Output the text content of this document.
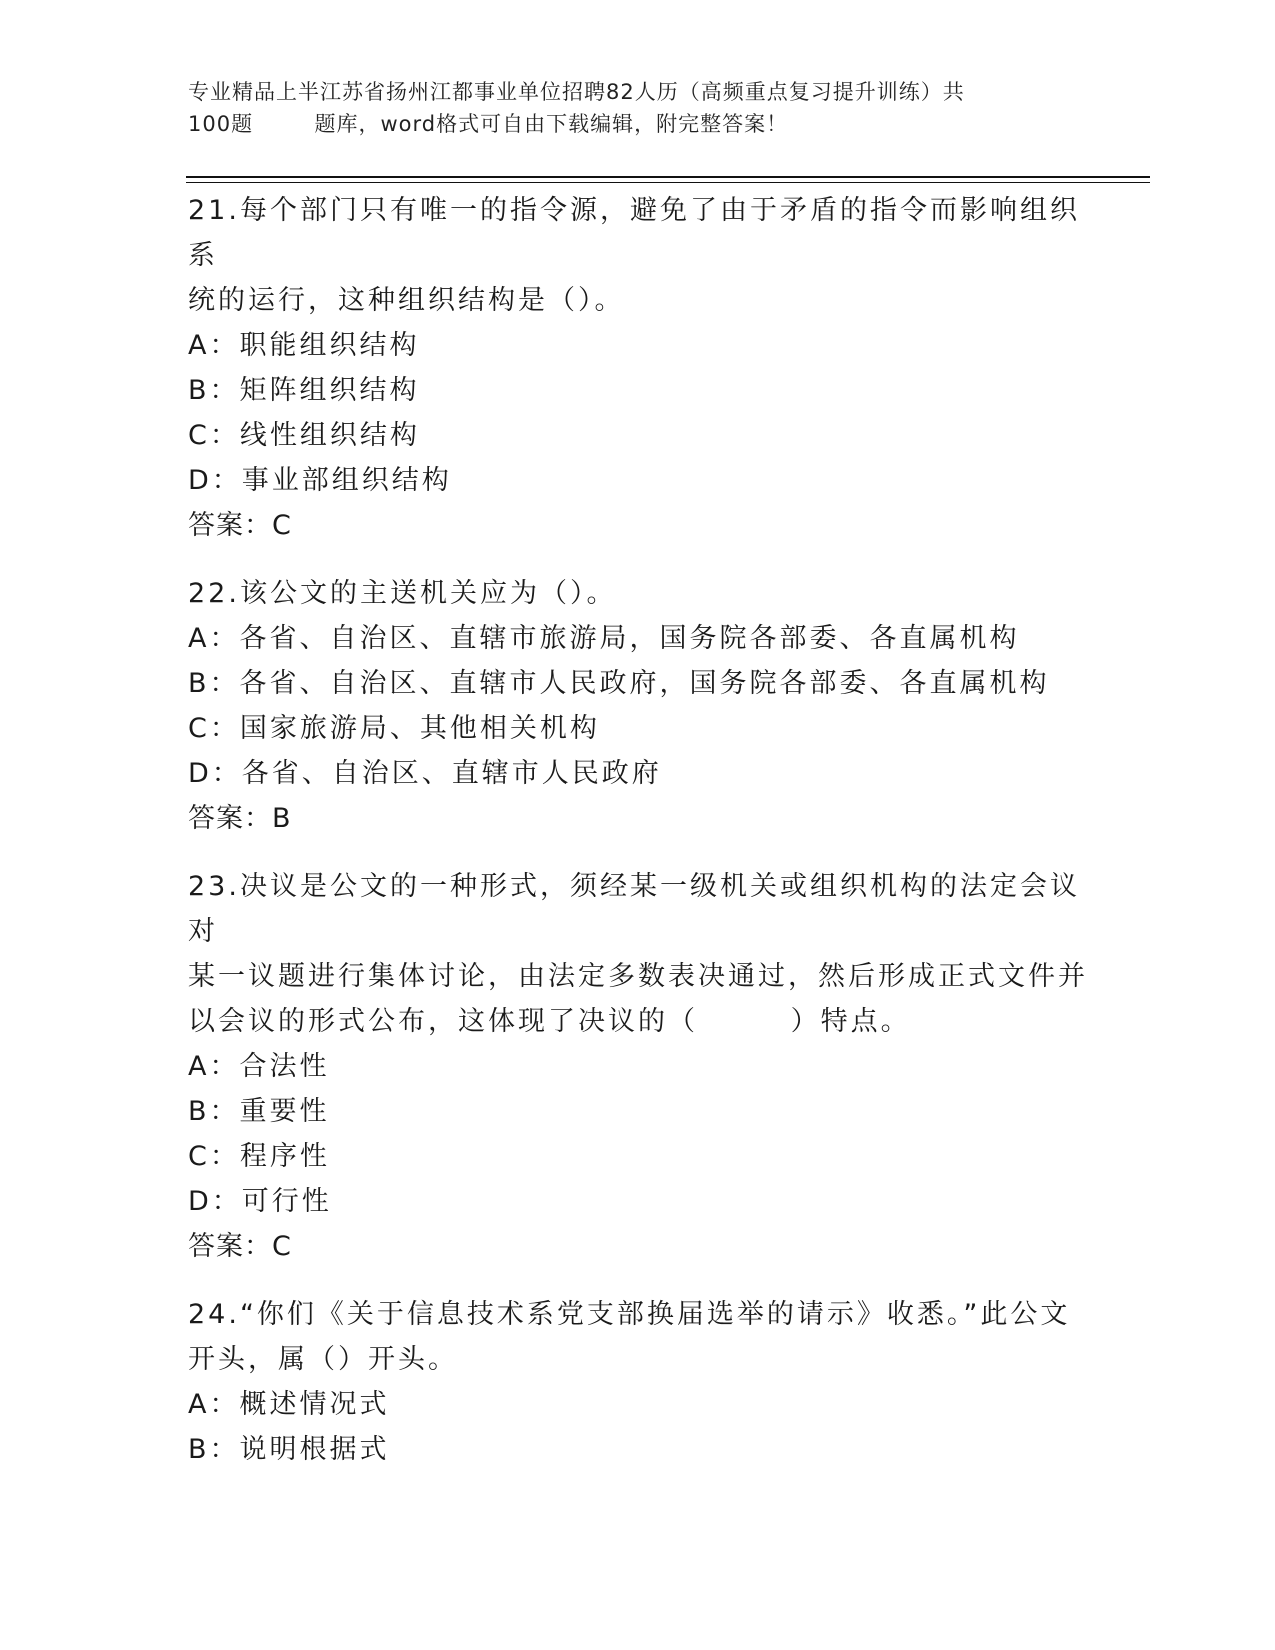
专业精品上半江苏省扬州江都事业单位招聘82人历（高频重点复习提升训练）共
100题        题库，word格式可自由下载编辑，附完整答案！
21.每个部门只有唯一的指令源，避免了由于矛盾的指令而影响组织系
统的运行，这种组织结构是（）。
A：职能组织结构
B：矩阵组织结构
C：线性组织结构
D：事业部组织结构
答案：C
22.该公文的主送机关应为（）。
A：各省、自治区、直辖市旅游局，国务院各部委、各直属机构
B：各省、自治区、直辖市人民政府，国务院各部委、各直属机构
C：国家旅游局、其他相关机构
D：各省、自治区、直辖市人民政府
答案：B
23.决议是公文的一种形式，须经某一级机关或组织机构的法定会议对
某一议题进行集体讨论，由法定多数表决通过，然后形成正式文件并
以会议的形式公布，这体现了决议的（        ）特点。
A：合法性
B：重要性
C：程序性
D：可行性
答案：C
24.“你们《关于信息技术系党支部换届选举的请示》收悉。”此公文
开头，属（）开头。
A：概述情况式
B：说明根据式
